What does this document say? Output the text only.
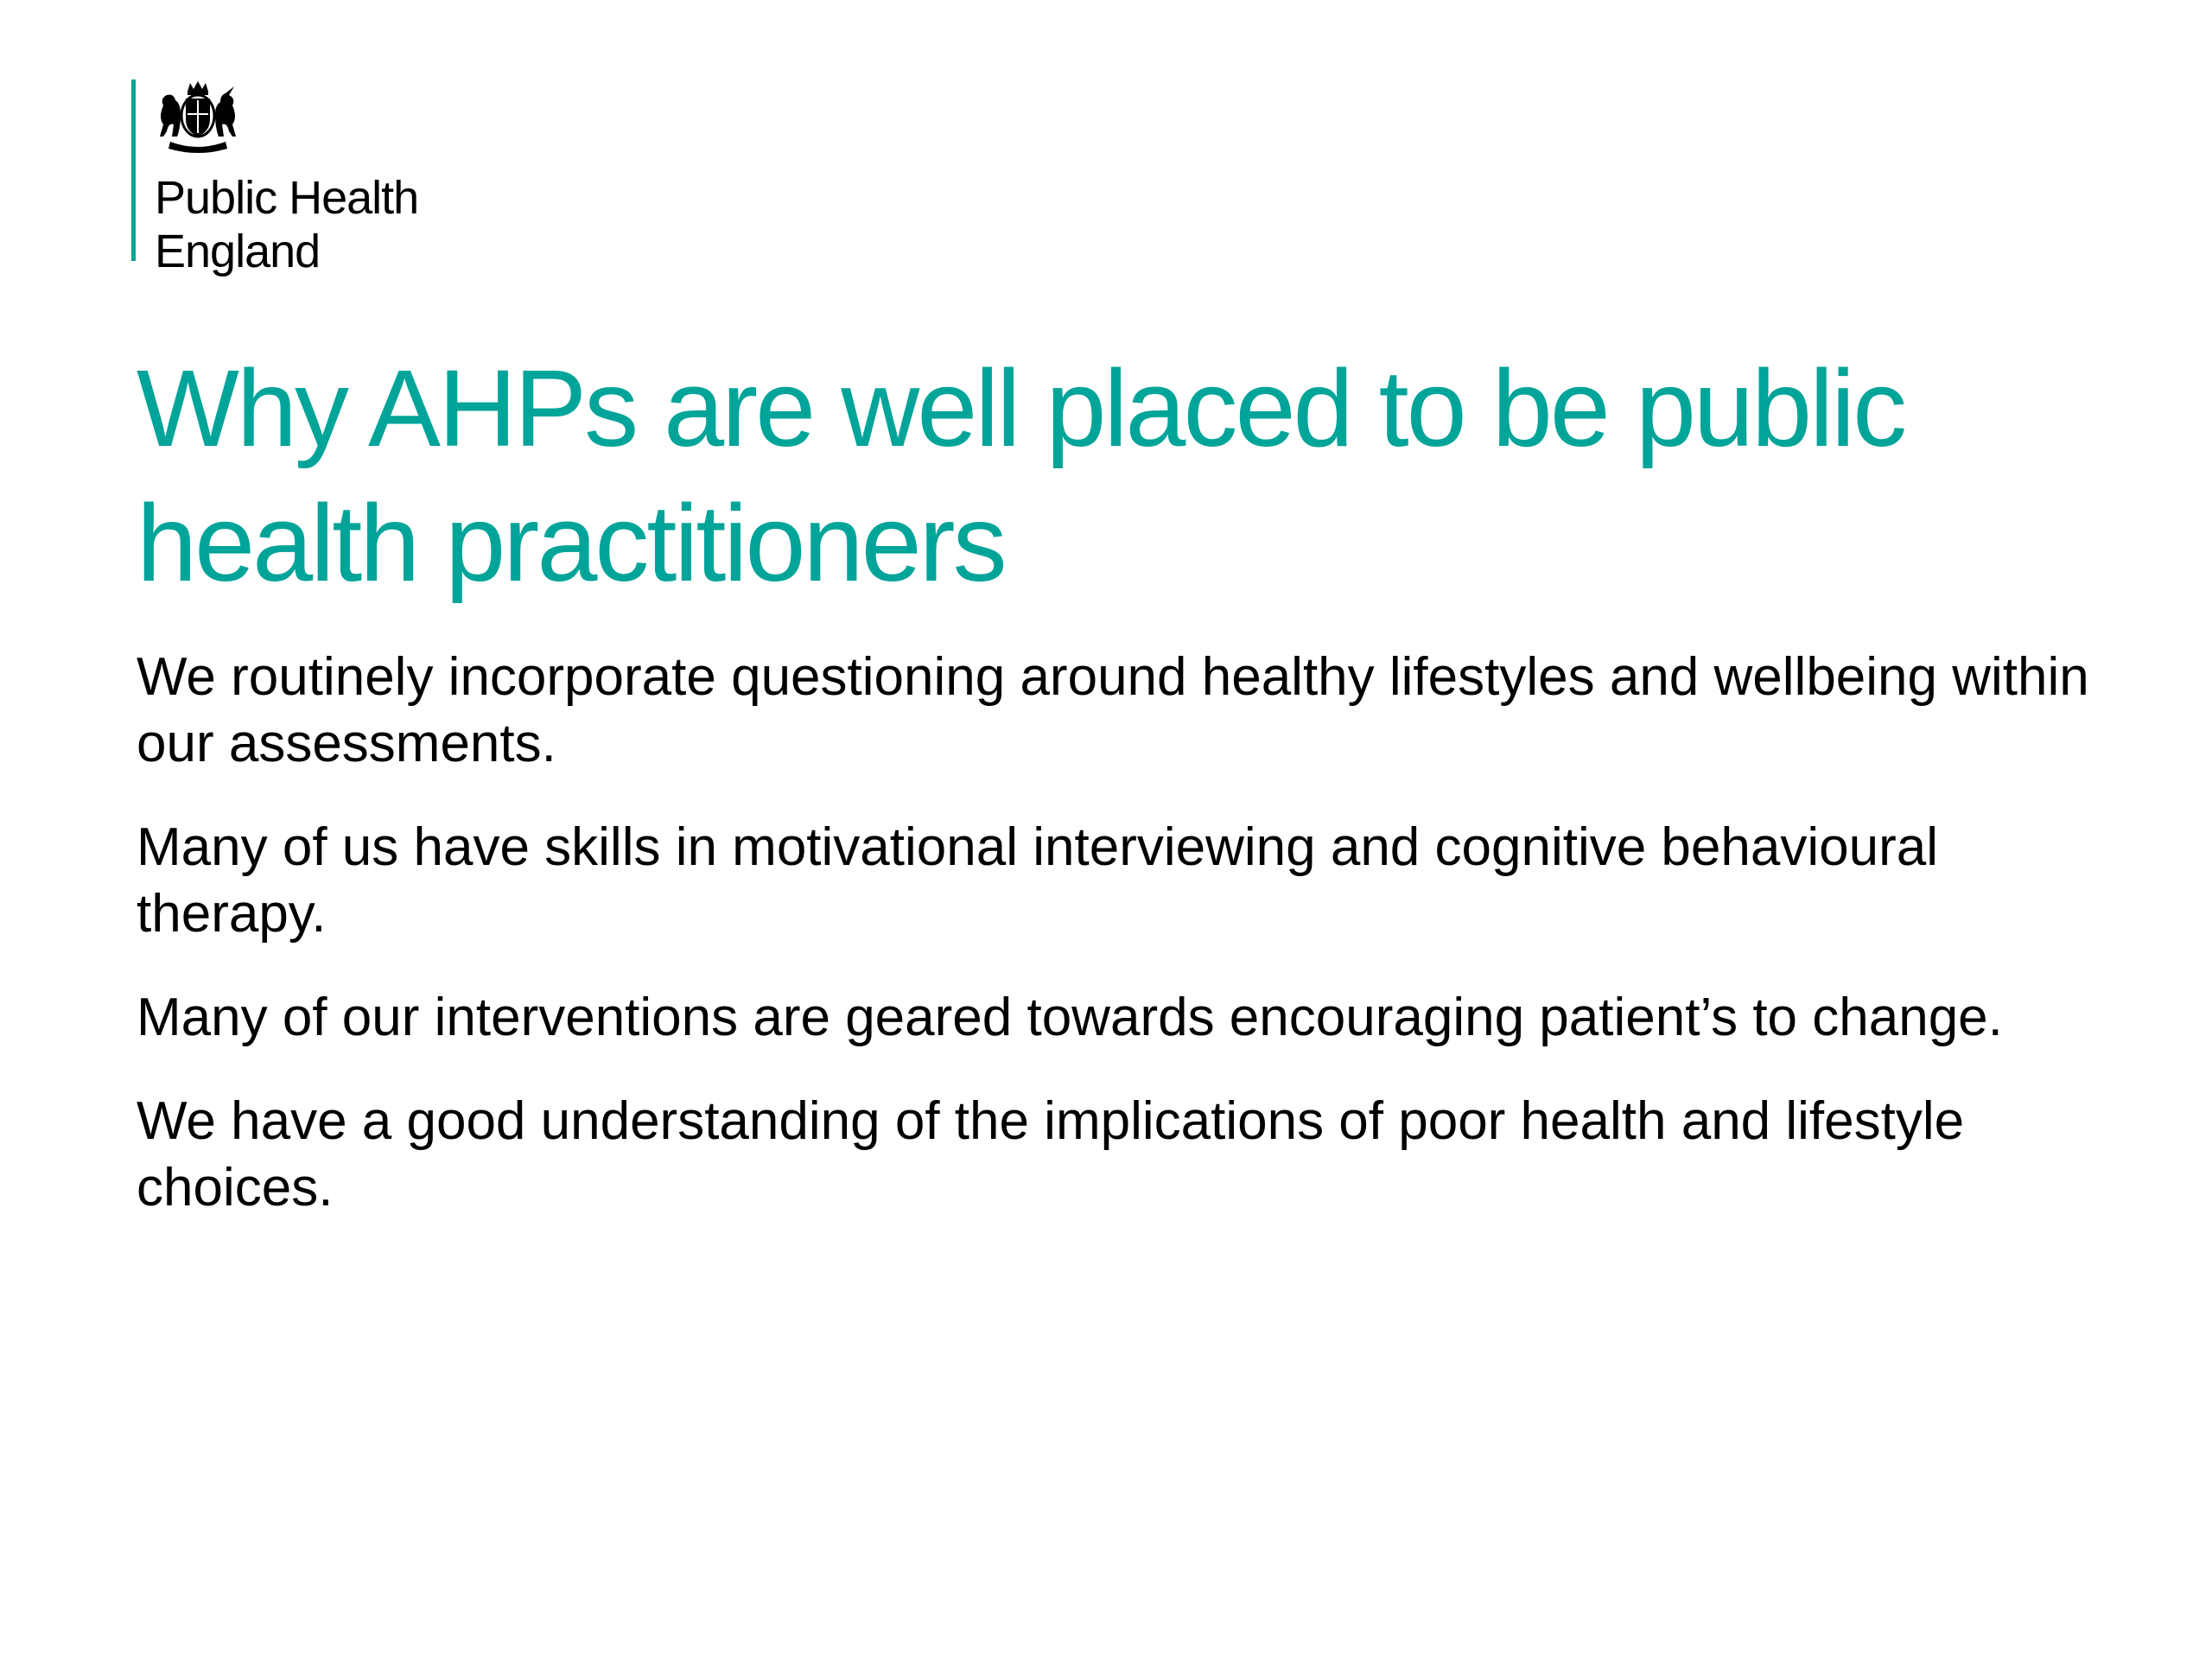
Public Health
England
Why AHPs are well placed to be public health practitioners
We routinely incorporate questioning around healthy lifestyles and wellbeing within our assessments.
Many of us have skills in motivational interviewing and cognitive behavioural therapy.
Many of our interventions are geared towards encouraging patient’s to change.
We have a good understanding of the implications of poor health and lifestyle choices.
